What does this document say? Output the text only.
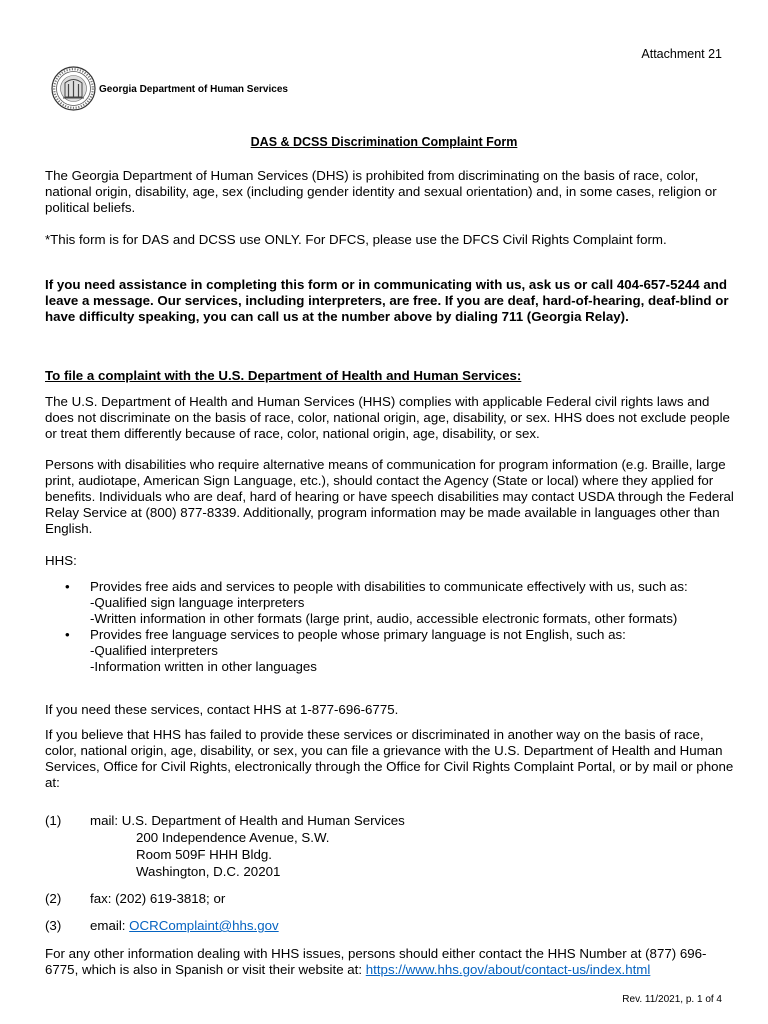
Attachment 21
Georgia Department of Human Services
DAS & DCSS Discrimination Complaint Form
The Georgia Department of Human Services (DHS) is prohibited from discriminating on the basis of race, color, national origin, disability, age, sex (including gender identity and sexual orientation) and, in some cases, religion or political beliefs.
*This form is for DAS and DCSS use ONLY. For DFCS, please use the DFCS Civil Rights Complaint form.
If you need assistance in completing this form or in communicating with us, ask us or call 404-657-5244 and leave a message. Our services, including interpreters, are free. If you are deaf, hard-of-hearing, deaf-blind or have difficulty speaking, you can call us at the number above by dialing 711 (Georgia Relay).
To file a complaint with the U.S. Department of Health and Human Services:
The U.S. Department of Health and Human Services (HHS) complies with applicable Federal civil rights laws and does not discriminate on the basis of race, color, national origin, age, disability, or sex. HHS does not exclude people or treat them differently because of race, color, national origin, age, disability, or sex.
Persons with disabilities who require alternative means of communication for program information (e.g. Braille, large print, audiotape, American Sign Language, etc.), should contact the Agency (State or local) where they applied for benefits. Individuals who are deaf, hard of hearing or have speech disabilities may contact USDA through the Federal Relay Service at (800) 877-8339. Additionally, program information may be made available in languages other than English.
HHS:
• Provides free aids and services to people with disabilities to communicate effectively with us, such as:
-Qualified sign language interpreters
-Written information in other formats (large print, audio, accessible electronic formats, other formats)
• Provides free language services to people whose primary language is not English, such as:
-Qualified interpreters
-Information written in other languages
If you need these services, contact HHS at 1-877-696-6775.
If you believe that HHS has failed to provide these services or discriminated in another way on the basis of race, color, national origin, age, disability, or sex, you can file a grievance with the U.S. Department of Health and Human Services, Office for Civil Rights, electronically through the Office for Civil Rights Complaint Portal, or by mail or phone at:
(1) mail: U.S. Department of Health and Human Services
200 Independence Avenue, S.W.
Room 509F HHH Bldg.
Washington, D.C. 20201
(2) fax: (202) 619-3818; or
(3) email: OCRComplaint@hhs.gov
For any other information dealing with HHS issues, persons should either contact the HHS Number at (877) 696-6775, which is also in Spanish or visit their website at: https://www.hhs.gov/about/contact-us/index.html
Rev. 11/2021, p. 1 of 4
